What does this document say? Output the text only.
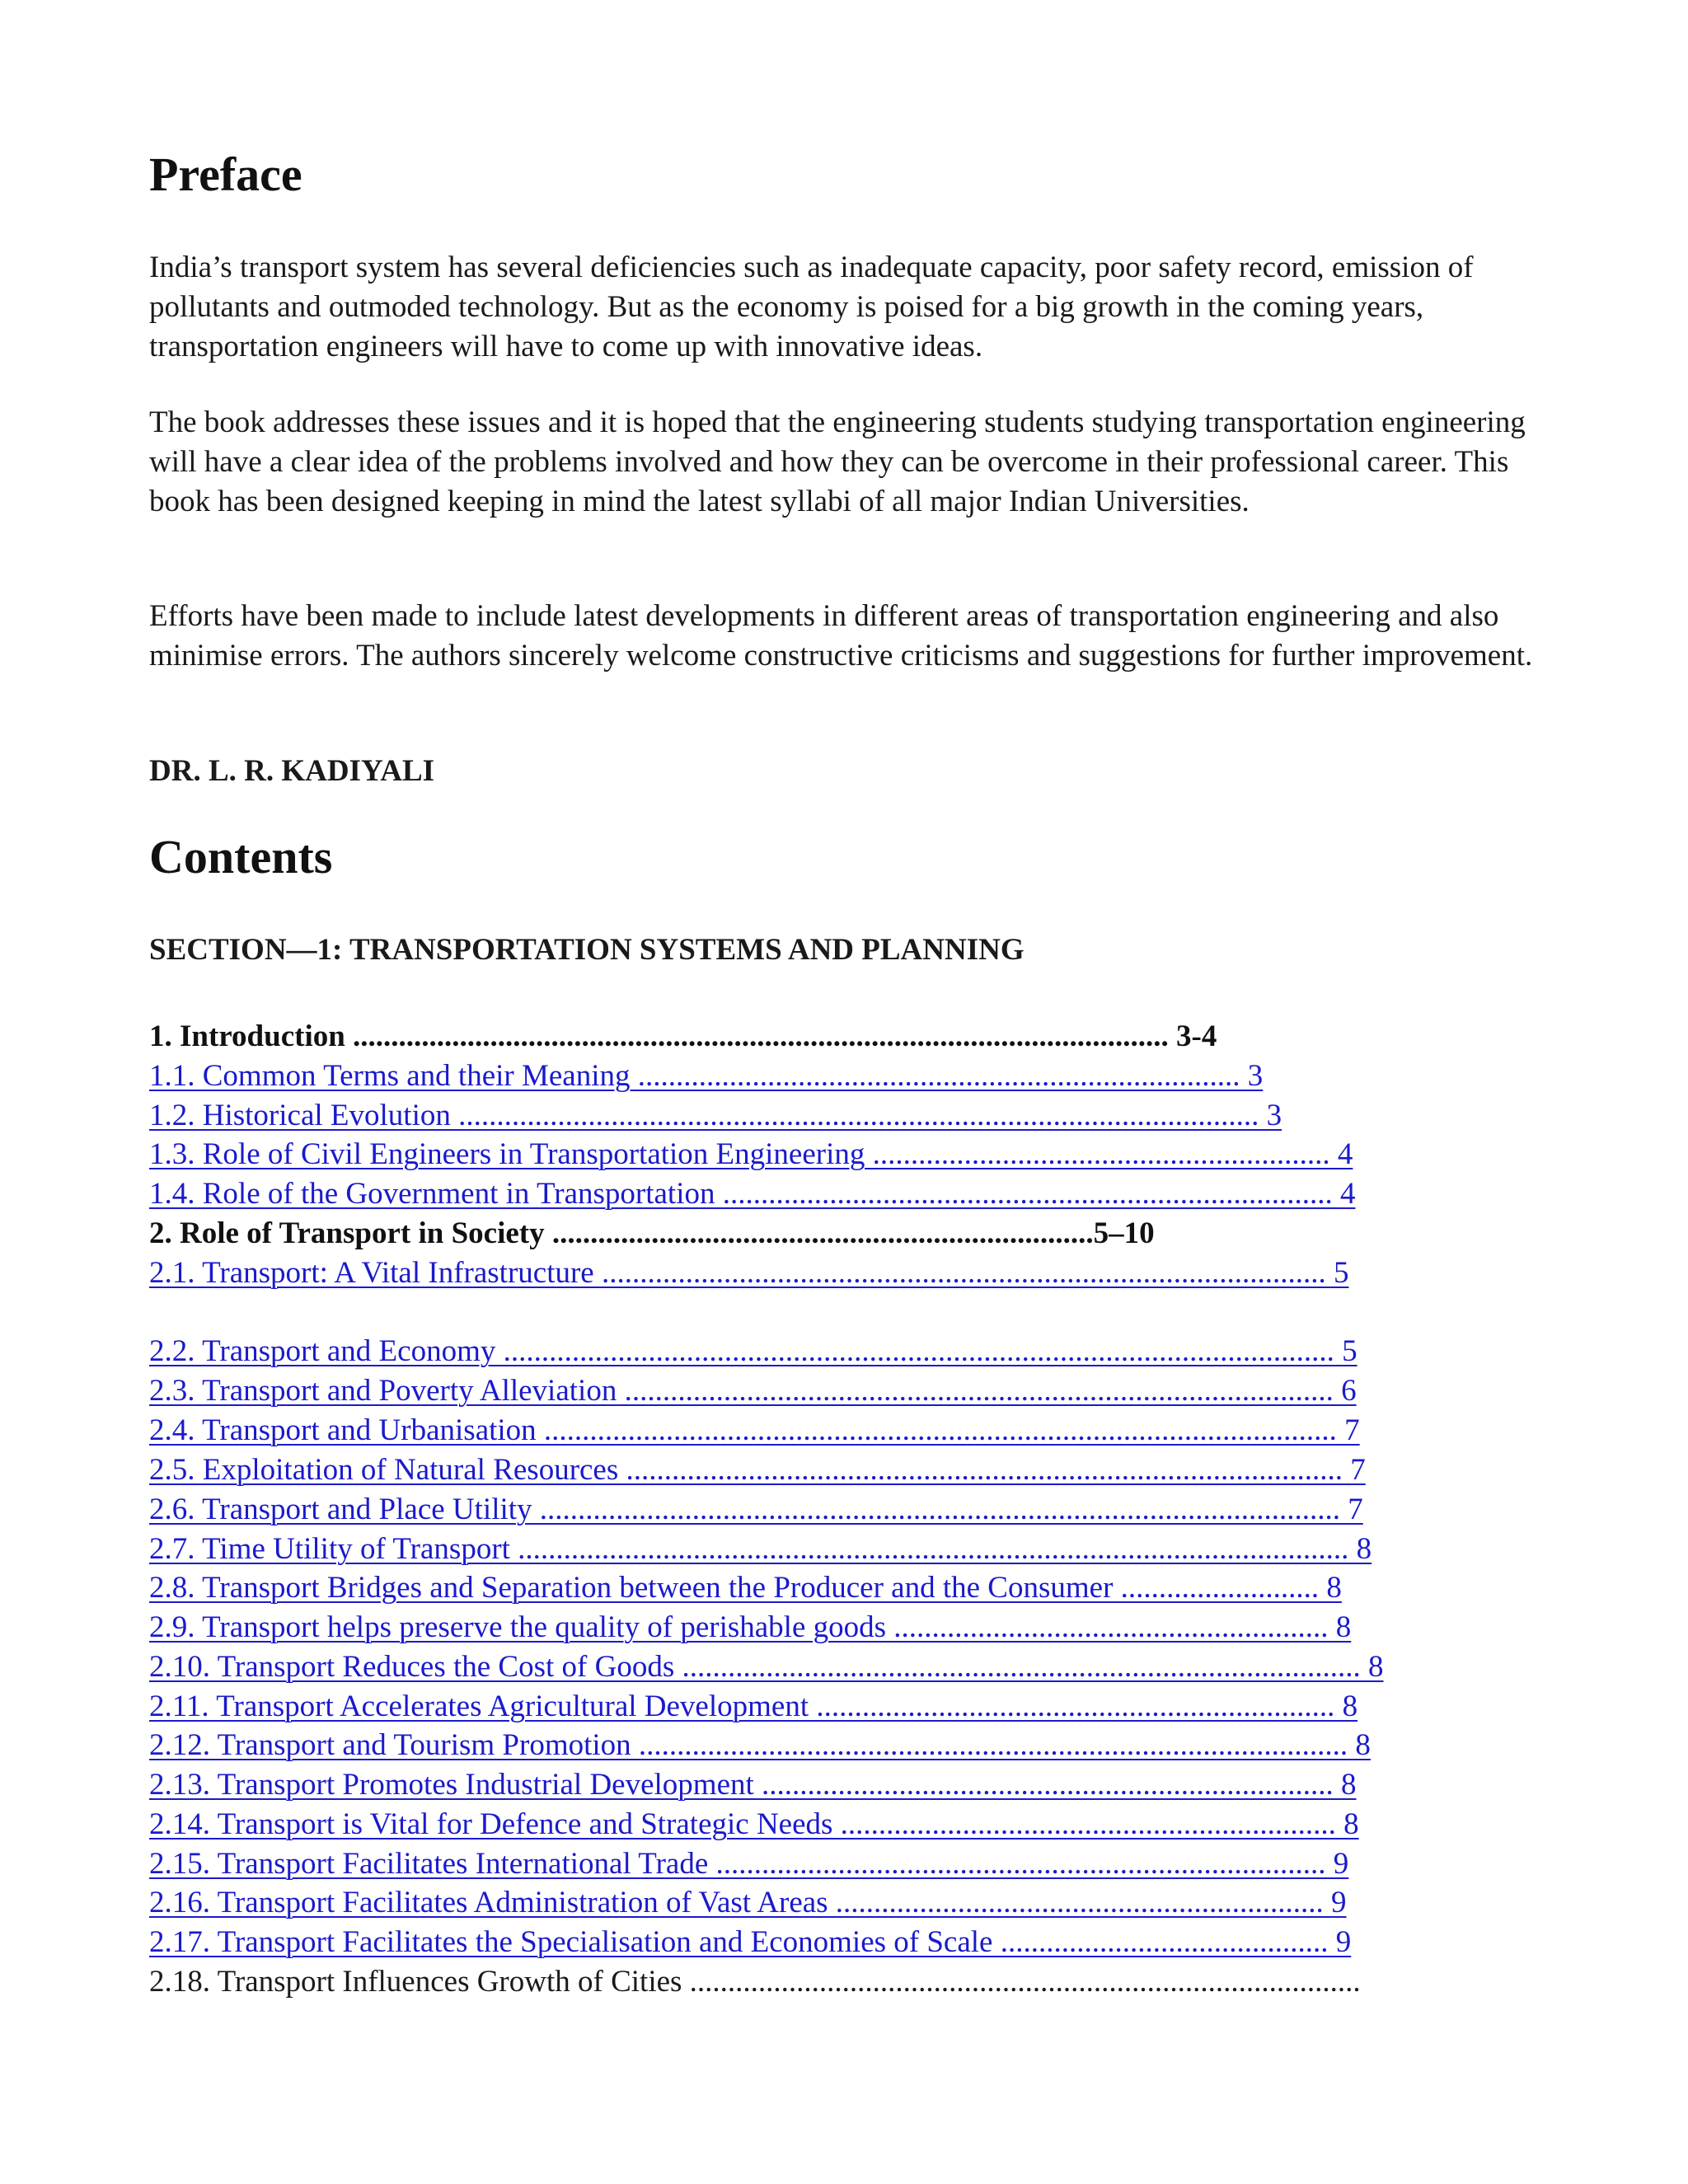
Preface

India’s transport system has several deficiencies such as inadequate capacity, poor safety record, emission of pollutants and outmoded technology. But as the economy is poised for a big growth in the coming years, transportation engineers will have to come up with innovative ideas.

The book addresses these issues and it is hoped that the engineering students studying transportation engineering will have a clear idea of the problems involved and how they can be overcome in their professional career. This book has been designed keeping in mind the latest syllabi of all major Indian Universities.

Efforts have been made to include latest developments in different areas of transportation engineering and also minimise errors. The authors sincerely welcome constructive criticisms and suggestions for further improvement.

DR. L. R. KADIYALI

Contents

SECTION—1: TRANSPORTATION SYSTEMS AND PLANNING

1. Introduction ........................................................................................................... 3-4
1.1. Common Terms and their Meaning ............................................................................... 3
1.2. Historical Evolution ......................................................................................................... 3
1.3. Role of Civil Engineers in Transportation Engineering ............................................................ 4
1.4. Role of the Government in Transportation ................................................................................ 4
2. Role of Transport in Society .......................................................................5–10
2.1. Transport: A Vital Infrastructure ............................................................................................... 5
2.2. Transport and Economy ............................................................................................................. 5
2.3. Transport and Poverty Alleviation ............................................................................................. 6
2.4. Transport and Urbanisation ........................................................................................................ 7
2.5. Exploitation of Natural Resources .............................................................................................. 7
2.6. Transport and Place Utility ......................................................................................................... 7
2.7. Time Utility of Transport ............................................................................................................. 8
2.8. Transport Bridges and Separation between the Producer and the Consumer .......................... 8
2.9. Transport helps preserve the quality of perishable goods ......................................................... 8
2.10. Transport Reduces the Cost of Goods ......................................................................................... 8
2.11. Transport Accelerates Agricultural Development .................................................................... 8
2.12. Transport and Tourism Promotion ............................................................................................. 8
2.13. Transport Promotes Industrial Development ........................................................................... 8
2.14. Transport is Vital for Defence and Strategic Needs ................................................................. 8
2.15. Transport Facilitates International Trade ................................................................................ 9
2.16. Transport Facilitates Administration of Vast Areas ................................................................ 9
2.17. Transport Facilitates the Specialisation and Economies of Scale ........................................... 9
2.18. Transport Influences Growth of Cities ........................................................................................
